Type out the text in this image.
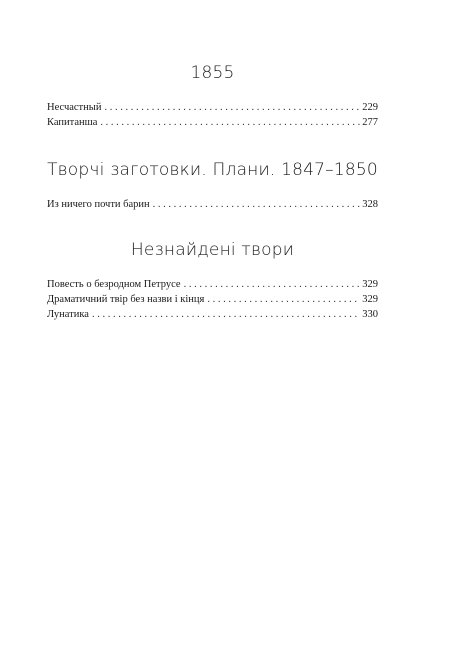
1855
Несчастный . . .	229
Капитанша . . .	277
Творчі заготовки. Плани. 1847–1850
Из ничего почти барин . . .	328
Незнайдені твори
Повесть о безродном Петрусе . . .	329
Драматичний твір без назви і кінця . . .	329
Лунатика . . .	330
